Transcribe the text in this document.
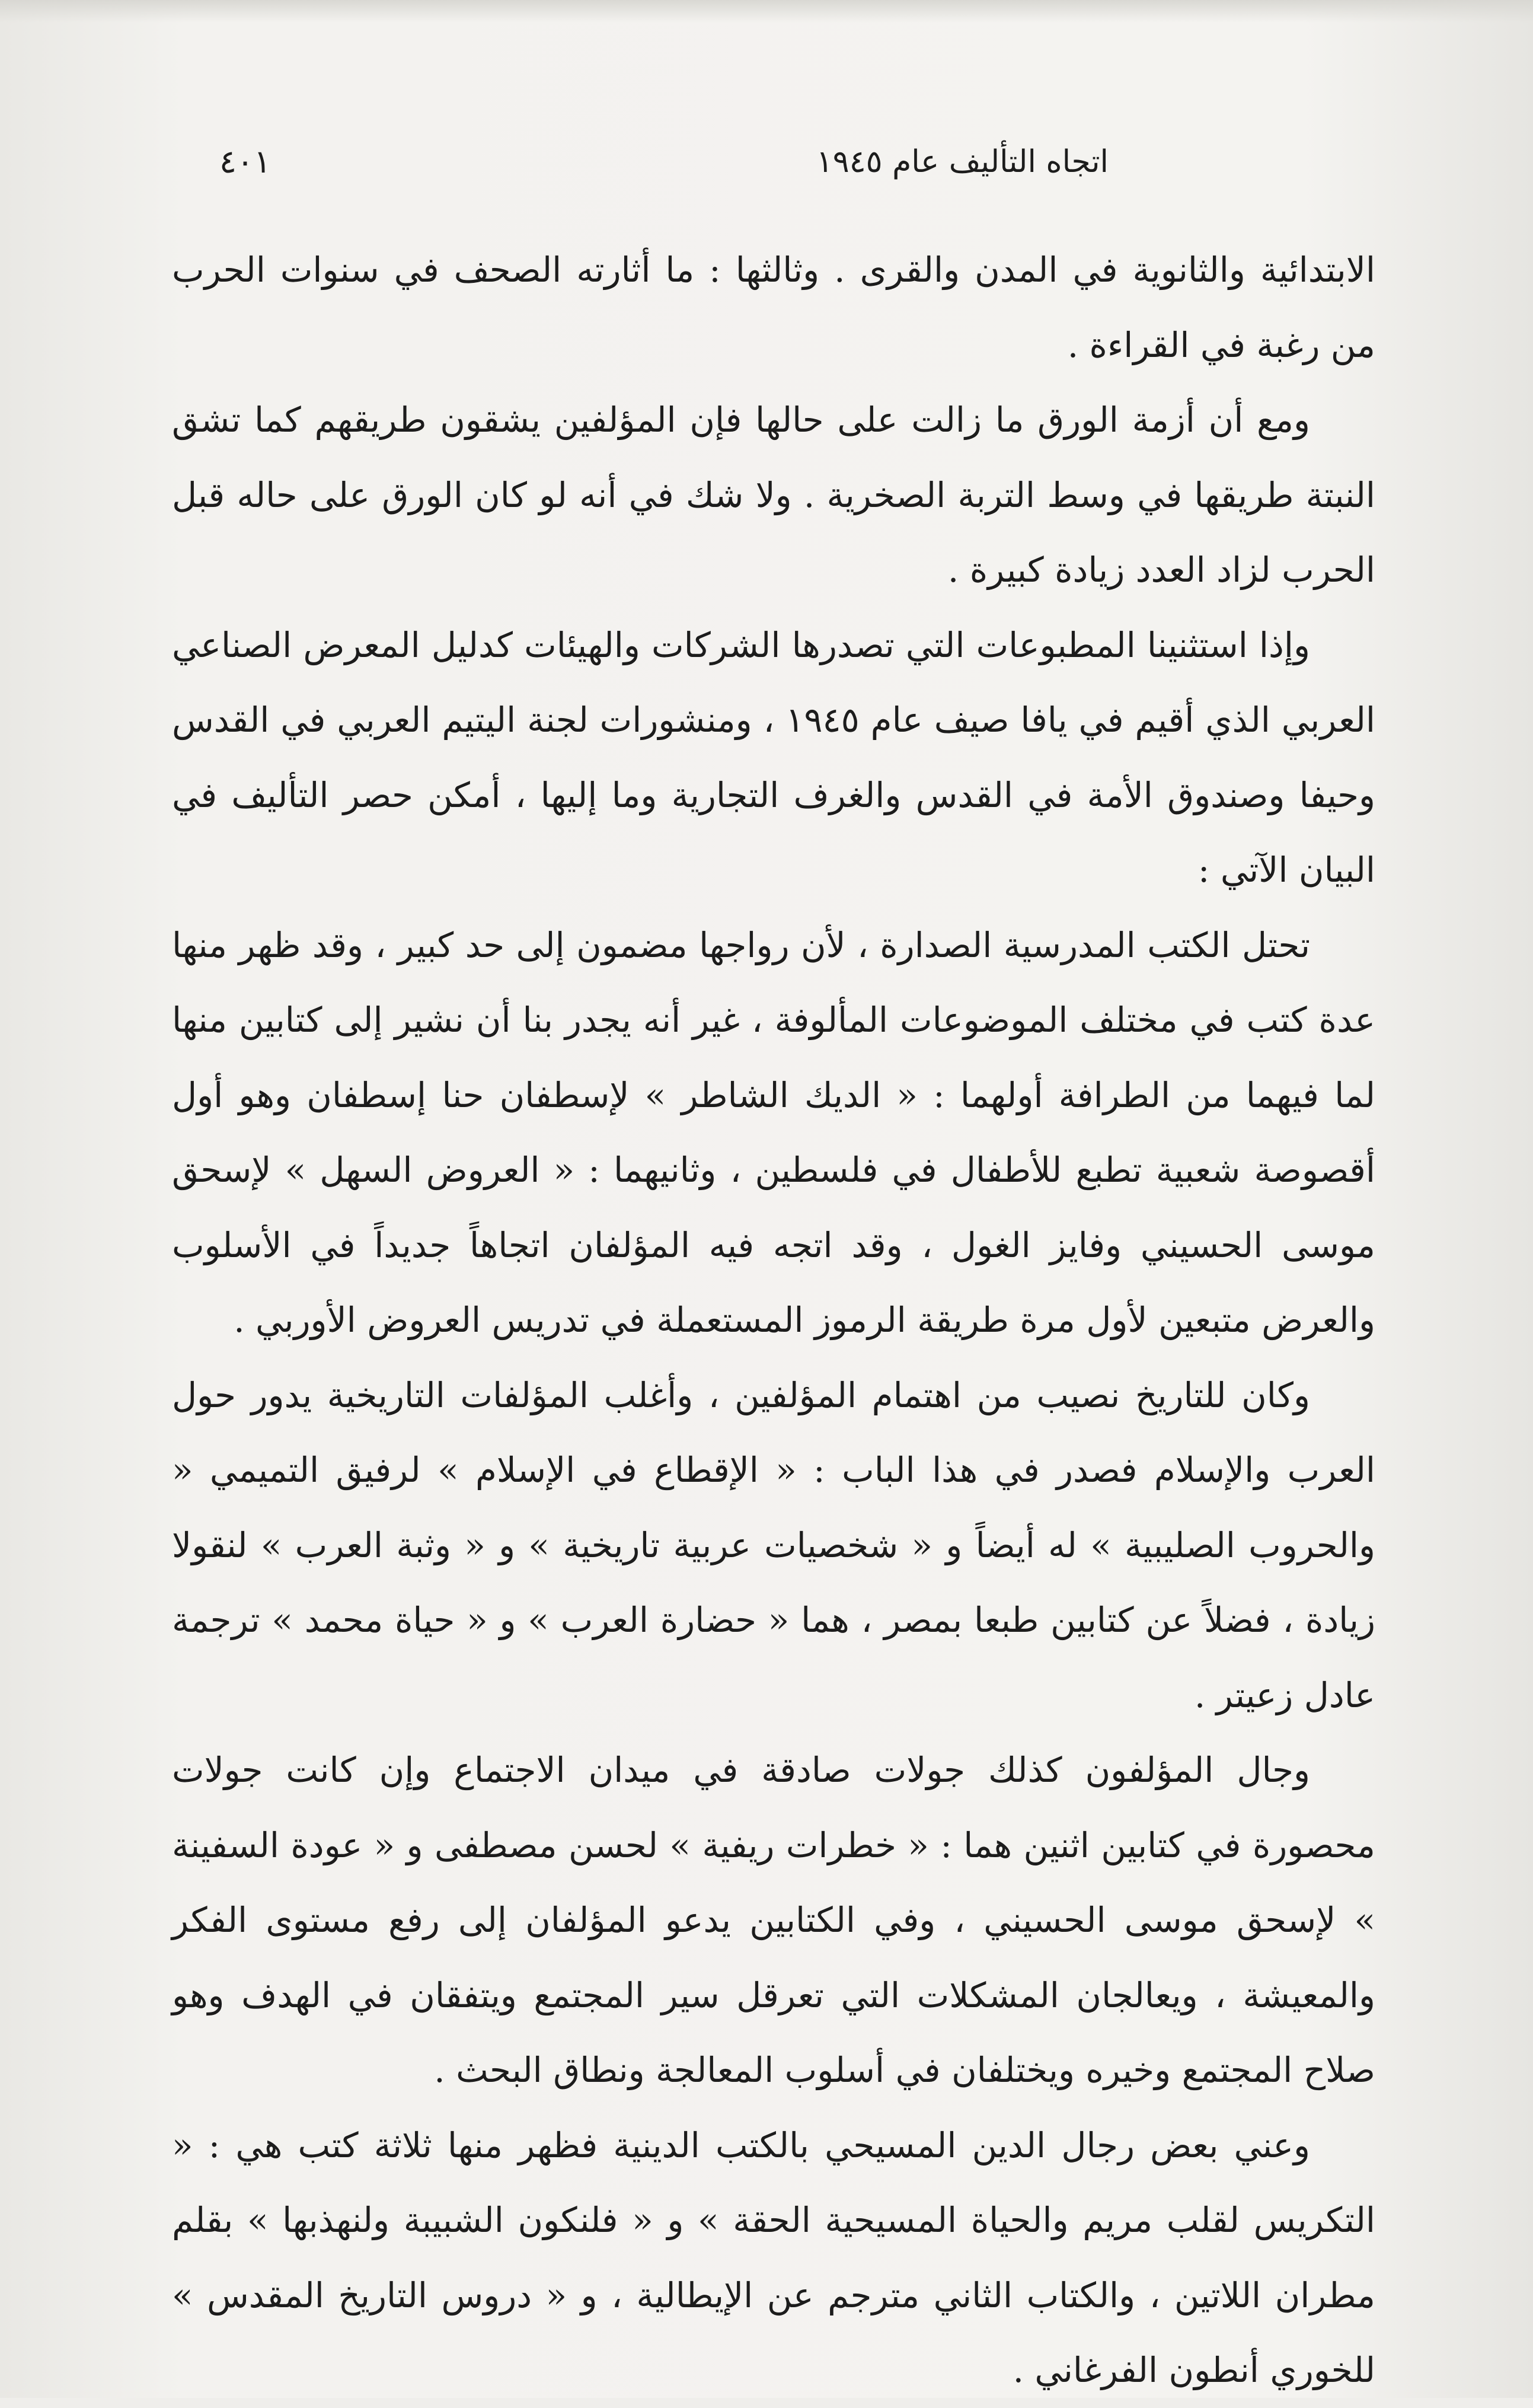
اتجاه التأليف عام ١٩٤٥
٤٠١

الابتدائية والثانوية في المدن والقرى . وثالثها : ما أثارته الصحف في سنوات الحرب من رغبة في القراءة .

ومع أن أزمة الورق ما زالت على حالها فإن المؤلفين يشقون طريقهم كما تشق النبتة طريقها في وسط التربة الصخرية . ولا شك في أنه لو كان الورق على حاله قبل الحرب لزاد العدد زيادة كبيرة .

وإذا استثنينا المطبوعات التي تصدرها الشركات والهيئات كدليل المعرض الصناعي العربي الذي أقيم في يافا صيف عام ١٩٤٥ ، ومنشورات لجنة اليتيم العربي في القدس وحيفا وصندوق الأمة في القدس والغرف التجارية وما إليها ، أمكن حصر التأليف في البيان الآتي :

تحتل الكتب المدرسية الصدارة ، لأن رواجها مضمون إلى حد كبير ، وقد ظهر منها عدة كتب في مختلف الموضوعات المألوفة ، غير أنه يجدر بنا أن نشير إلى كتابين منها لما فيهما من الطرافة أولهما : « الديك الشاطر » لإسطفان حنا إسطفان وهو أول أقصوصة شعبية تطبع للأطفال في فلسطين ، وثانيهما : « العروض السهل » لإسحق موسى الحسيني وفايز الغول ، وقد اتجه فيه المؤلفان اتجاهاً جديداً في الأسلوب والعرض متبعين لأول مرة طريقة الرموز المستعملة في تدريس العروض الأوربي .

وكان للتاريخ نصيب من اهتمام المؤلفين ، وأغلب المؤلفات التاريخية يدور حول العرب والإسلام فصدر في هذا الباب : « الإقطاع في الإسلام » لرفيق التميمي « والحروب الصليبية » له أيضاً و « شخصيات عربية تاريخية » و « وثبة العرب » لنقولا زيادة ، فضلاً عن كتابين طبعا بمصر ، هما « حضارة العرب » و « حياة محمد » ترجمة عادل زعيتر .

وجال المؤلفون كذلك جولات صادقة في ميدان الاجتماع وإن كانت جولات محصورة في كتابين اثنين هما : « خطرات ريفية » لحسن مصطفى و « عودة السفينة » لإسحق موسى الحسيني ، وفي الكتابين يدعو المؤلفان إلى رفع مستوى الفكر والمعيشة ، ويعالجان المشكلات التي تعرقل سير المجتمع ويتفقان في الهدف وهو صلاح المجتمع وخيره ويختلفان في أسلوب المعالجة ونطاق البحث .

وعني بعض رجال الدين المسيحي بالكتب الدينية فظهر منها ثلاثة كتب هي : « التكريس لقلب مريم والحياة المسيحية الحقة » و « فلنكون الشبيبة ولنهذبها » بقلم مطران اللاتين ، والكتاب الثاني مترجم عن الإيطالية ، و « دروس التاريخ المقدس » للخوري أنطون الفرغاني .
